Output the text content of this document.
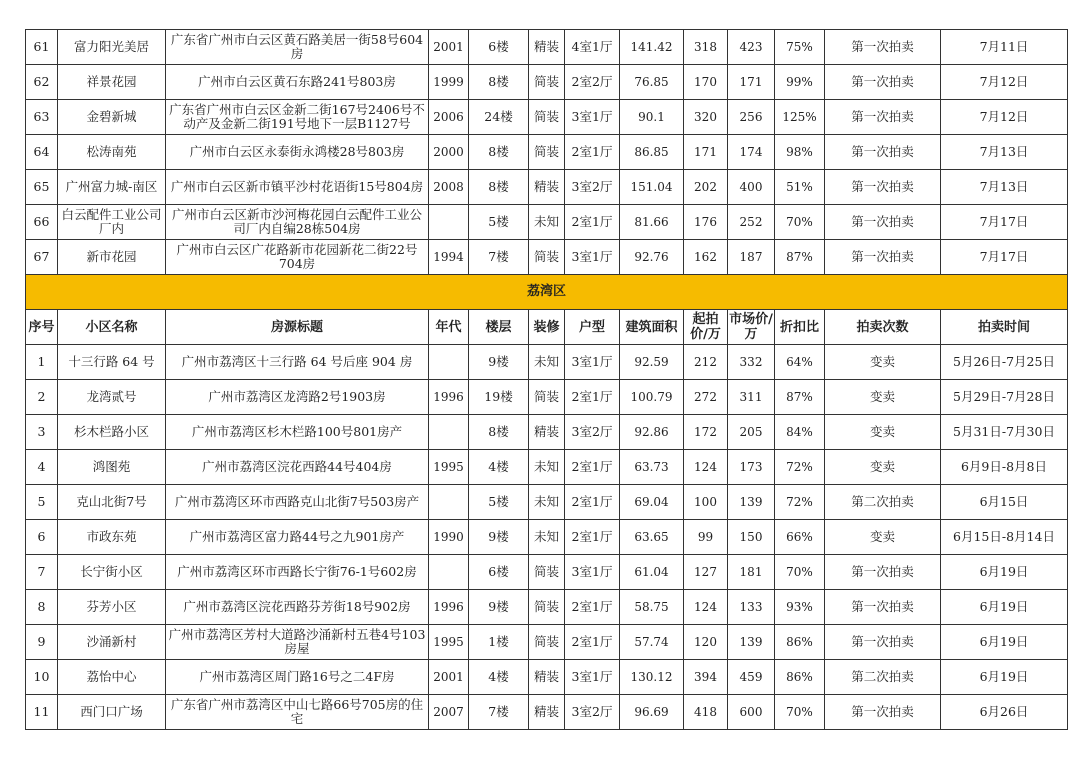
61	富力阳光美居	广东省广州市白云区黄石路美居一街58号604房	2001	6楼	精装	4室1厅	141.42	318	423	75%	第一次拍卖	7月11日
62	祥景花园	广州市白云区黄石东路241号803房	1999	8楼	简装	2室2厅	76.85	170	171	99%	第一次拍卖	7月12日
63	金碧新城	广东省广州市白云区金新二街167号2406号不动产及金新二街191号地下一层B1127号	2006	24楼	简装	3室1厅	90.1	320	256	125%	第一次拍卖	7月12日
64	松涛南苑	广州市白云区永泰街永鸿楼28号803房	2000	8楼	简装	2室1厅	86.85	171	174	98%	第一次拍卖	7月13日
65	广州富力城-南区	广州市白云区新市镇平沙村花语街15号804房	2008	8楼	精装	3室2厅	151.04	202	400	51%	第一次拍卖	7月13日
66	白云配件工业公司厂内	广州市白云区新市沙河梅花园白云配件工业公司厂内自编28栋504房		5楼	未知	2室1厅	81.66	176	252	70%	第一次拍卖	7月17日
67	新市花园	广州市白云区广花路新市花园新花二街22号704房	1994	7楼	简装	3室1厅	92.76	162	187	87%	第一次拍卖	7月17日
荔湾区												
序号	小区名称	房源标题	年代	楼层	装修	户型	建筑面积	起拍价/万	市场价/万	折扣比	拍卖次数	拍卖时间
1	十三行路 64 号	广州市荔湾区十三行路 64 号后座 904 房		9楼	未知	3室1厅	92.59	212	332	64%	变卖	5月26日-7月25日
2	龙湾贰号	广州市荔湾区龙湾路2号1903房	1996	19楼	简装	2室1厅	100.79	272	311	87%	变卖	5月29日-7月28日
3	杉木栏路小区	广州市荔湾区杉木栏路100号801房产		8楼	精装	3室2厅	92.86	172	205	84%	变卖	5月31日-7月30日
4	鸿图苑	广州市荔湾区浣花西路44号404房	1995	4楼	未知	2室1厅	63.73	124	173	72%	变卖	6月9日-8月8日
5	克山北街7号	广州市荔湾区环市西路克山北街7号503房产		5楼	未知	2室1厅	69.04	100	139	72%	第二次拍卖	6月15日
6	市政东苑	广州市荔湾区富力路44号之九901房产	1990	9楼	未知	2室1厅	63.65	99	150	66%	变卖	6月15日-8月14日
7	长宁街小区	广州市荔湾区环市西路长宁街76-1号602房		6楼	简装	3室1厅	61.04	127	181	70%	第一次拍卖	6月19日
8	芬芳小区	广州市荔湾区浣花西路芬芳街18号902房	1996	9楼	简装	2室1厅	58.75	124	133	93%	第一次拍卖	6月19日
9	沙涌新村	广州市荔湾区芳村大道路沙涌新村五巷4号103房屋	1995	1楼	简装	2室1厅	57.74	120	139	86%	第一次拍卖	6月19日
10	荔怡中心	广州市荔湾区周门路16号之二4F房	2001	4楼	精装	3室1厅	130.12	394	459	86%	第二次拍卖	6月19日
11	西门口广场	广东省广州市荔湾区中山七路66号705房的住宅	2007	7楼	精装	3室2厅	96.69	418	600	70%	第一次拍卖	6月26日
